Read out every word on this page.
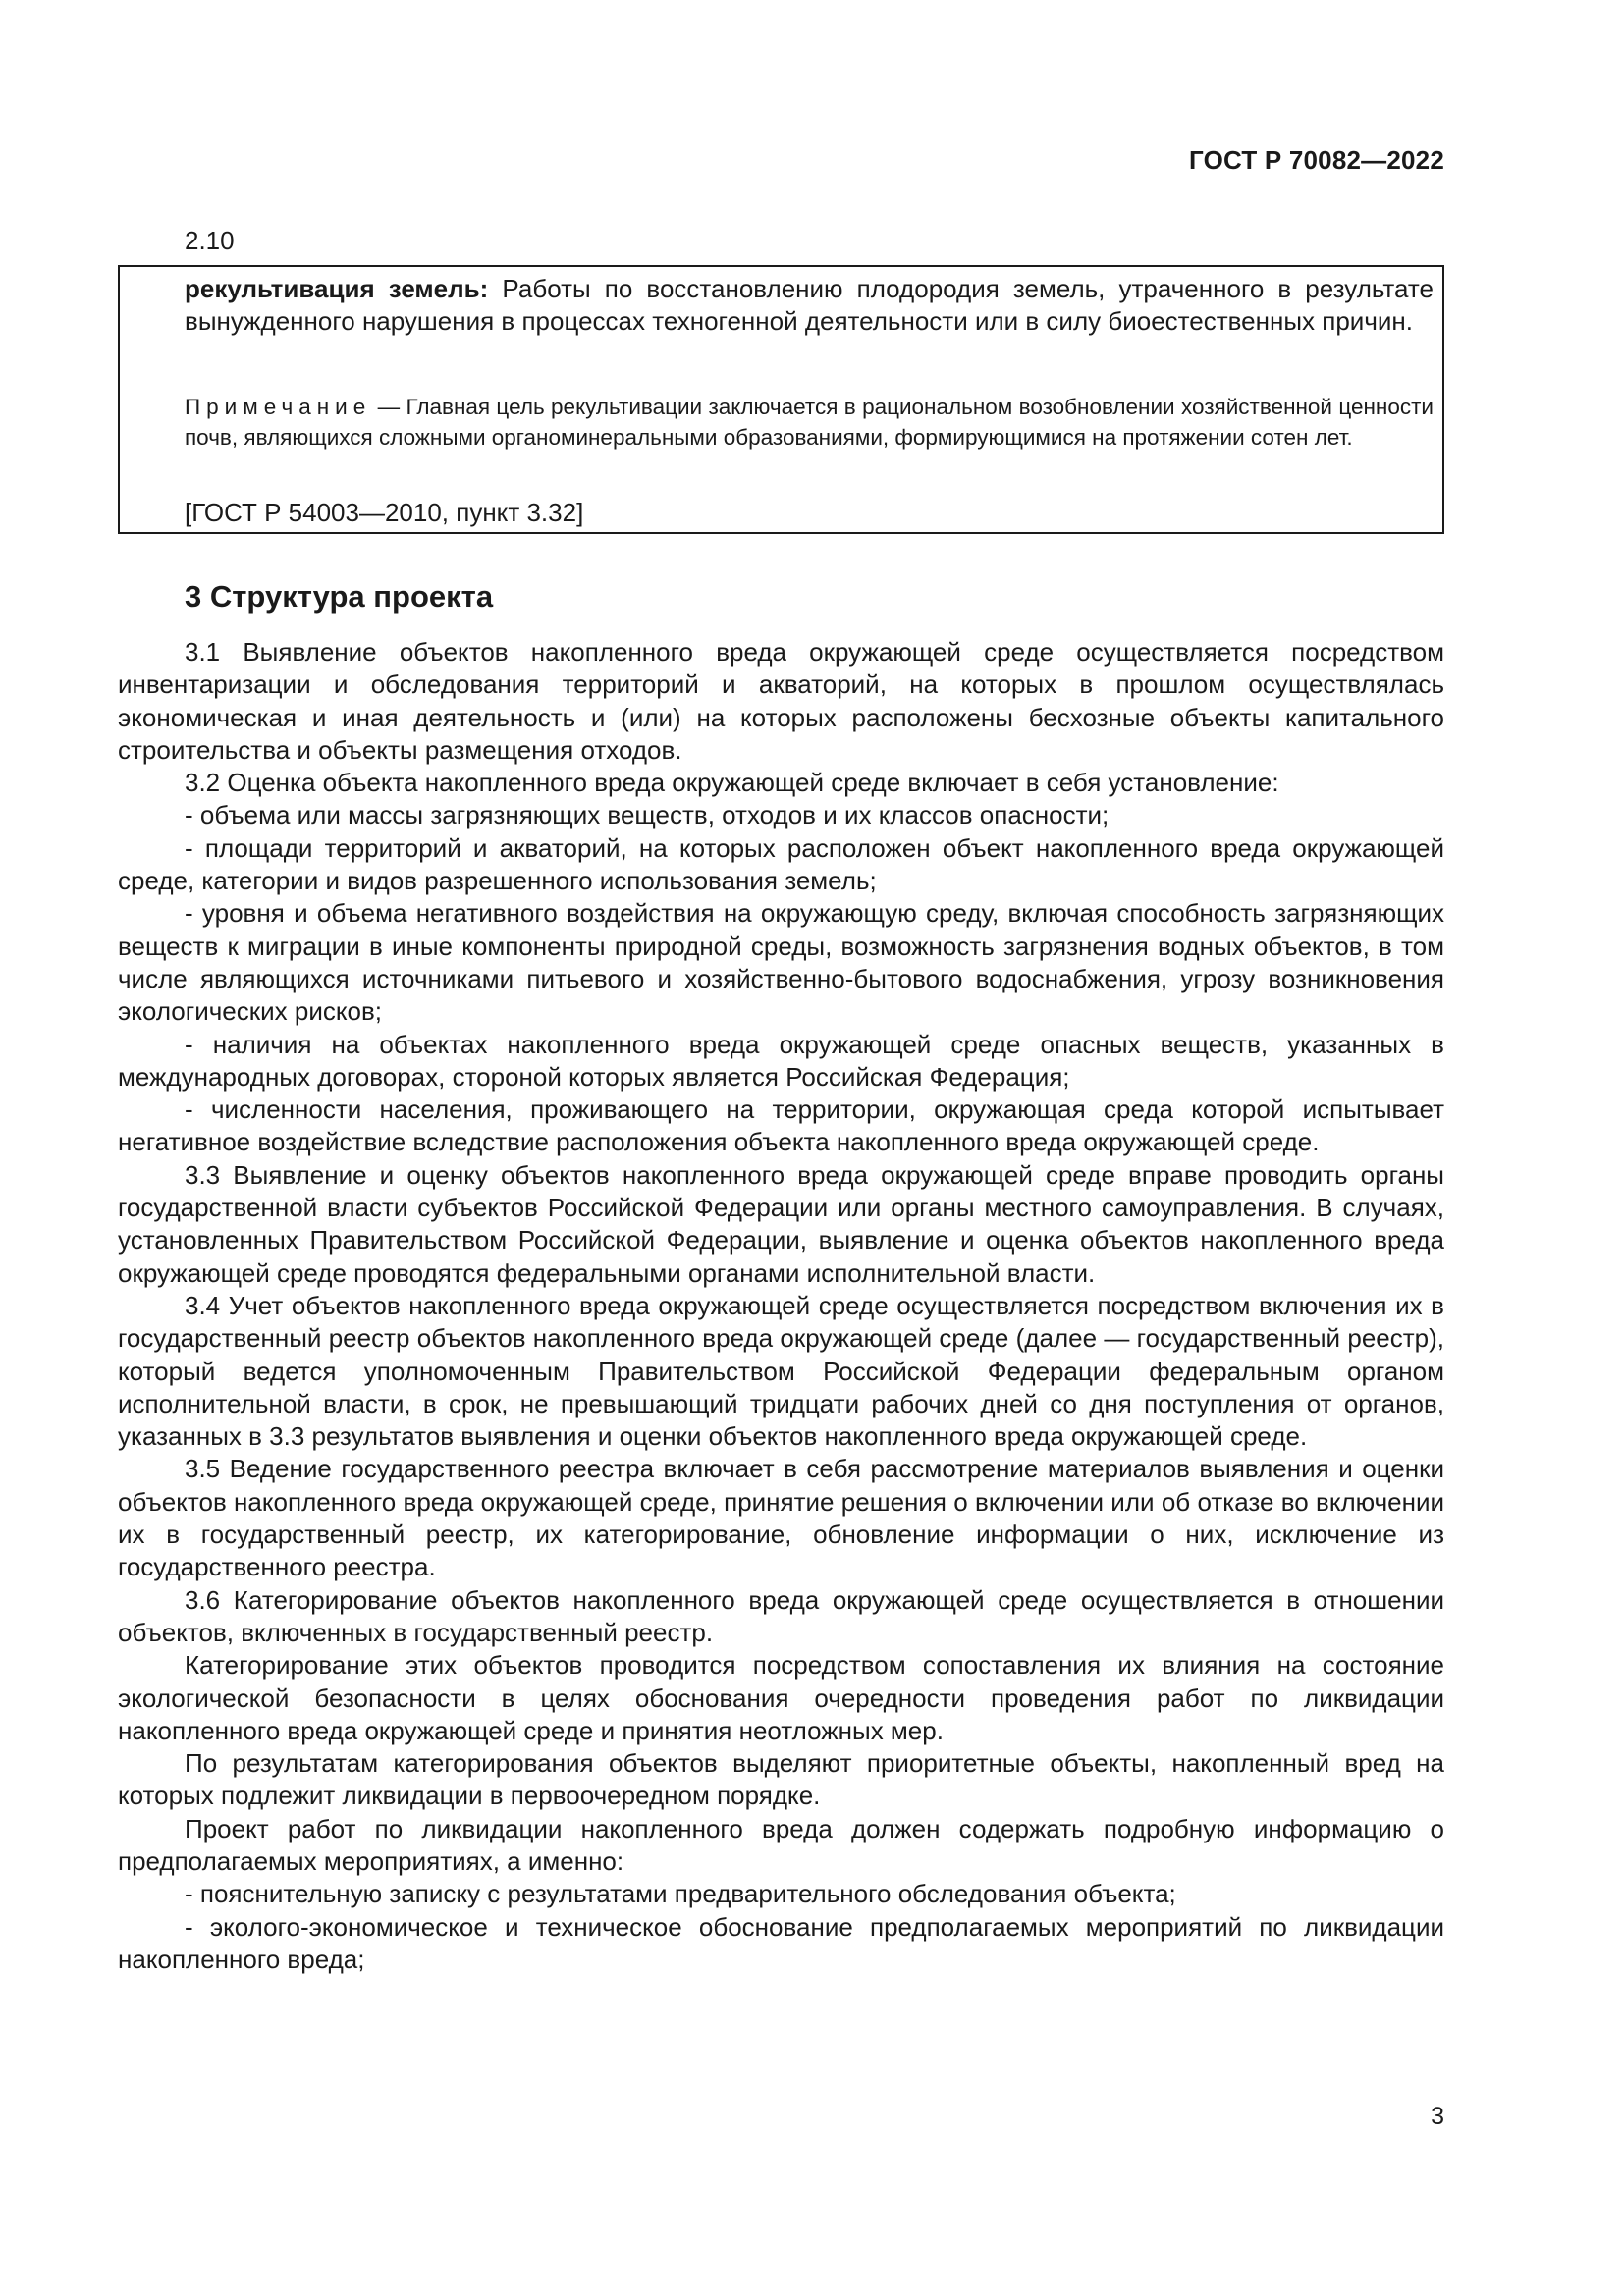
ГОСТ Р 70082—2022
2.10
рекультивация земель: Работы по восстановлению плодородия земель, утраченного в результате вынужденного нарушения в процессах техногенной деятельности или в силу биоестественных причин.
Примечание — Главная цель рекультивации заключается в рациональном возобновлении хозяйственной ценности почв, являющихся сложными органоминеральными образованиями, формирующимися на протяжении сотен лет.
[ГОСТ Р 54003—2010, пункт 3.32]
3 Структура проекта

3.1 Выявление объектов накопленного вреда окружающей среде осуществляется посредством инвентаризации и обследования территорий и акваторий, на которых в прошлом осуществлялась экономическая и иная деятельность и (или) на которых расположены бесхозные объекты капитального строительства и объекты размещения отходов.

3.2 Оценка объекта накопленного вреда окружающей среде включает в себя установление:

- объема или массы загрязняющих веществ, отходов и их классов опасности;

- площади территорий и акваторий, на которых расположен объект накопленного вреда окружающей среде, категории и видов разрешенного использования земель;

- уровня и объема негативного воздействия на окружающую среду, включая способность загрязняющих веществ к миграции в иные компоненты природной среды, возможность загрязнения водных объектов, в том числе являющихся источниками питьевого и хозяйственно-бытового водоснабжения, угрозу возникновения экологических рисков;

- наличия на объектах накопленного вреда окружающей среде опасных веществ, указанных в международных договорах, стороной которых является Российская Федерация;

- численности населения, проживающего на территории, окружающая среда которой испытывает негативное воздействие вследствие расположения объекта накопленного вреда окружающей среде.

3.3 Выявление и оценку объектов накопленного вреда окружающей среде вправе проводить органы государственной власти субъектов Российской Федерации или органы местного самоуправления. В случаях, установленных Правительством Российской Федерации, выявление и оценка объектов накопленного вреда окружающей среде проводятся федеральными органами исполнительной власти.

3.4 Учет объектов накопленного вреда окружающей среде осуществляется посредством включения их в государственный реестр объектов накопленного вреда окружающей среде (далее — государственный реестр), который ведется уполномоченным Правительством Российской Федерации федеральным органом исполнительной власти, в срок, не превышающий тридцати рабочих дней со дня поступления от органов, указанных в 3.3 результатов выявления и оценки объектов накопленного вреда окружающей среде.

3.5 Ведение государственного реестра включает в себя рассмотрение материалов выявления и оценки объектов накопленного вреда окружающей среде, принятие решения о включении или об отказе во включении их в государственный реестр, их категорирование, обновление информации о них, исключение из государственного реестра.

3.6 Категорирование объектов накопленного вреда окружающей среде осуществляется в отношении объектов, включенных в государственный реестр.

Категорирование этих объектов проводится посредством сопоставления их влияния на состояние экологической безопасности в целях обоснования очередности проведения работ по ликвидации накопленного вреда окружающей среде и принятия неотложных мер.

По результатам категорирования объектов выделяют приоритетные объекты, накопленный вред на которых подлежит ликвидации в первоочередном порядке.

Проект работ по ликвидации накопленного вреда должен содержать подробную информацию о предполагаемых мероприятиях, а именно:

- пояснительную записку с результатами предварительного обследования объекта;

- эколого-экономическое и техническое обоснование предполагаемых мероприятий по ликвидации накопленного вреда;

3
